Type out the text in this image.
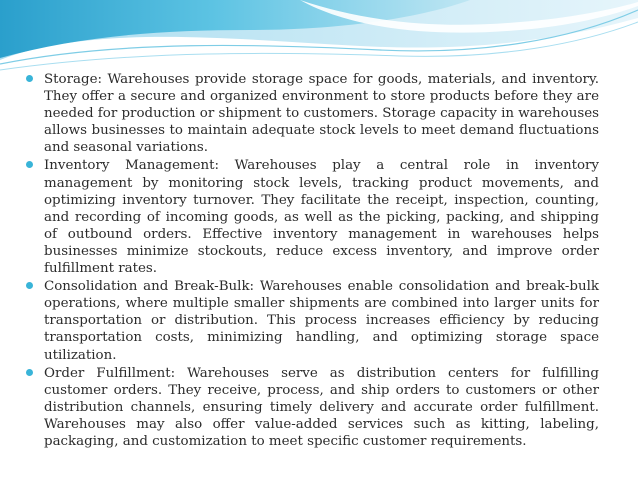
Storage: Warehouses provide storage space for goods, materials, and inventory. They offer a secure and organized environment to store products before they are needed for production or shipment to customers. Storage capacity in warehouses allows businesses to maintain adequate stock levels to meet demand fluctuations and seasonal variations.
Inventory Management: Warehouses play a central role in inventory management by monitoring stock levels, tracking product movements, and optimizing inventory turnover. They facilitate the receipt, inspection, counting, and recording of incoming goods, as well as the picking, packing, and shipping of outbound orders. Effective inventory management in warehouses helps businesses minimize stockouts, reduce excess inventory, and improve order fulfillment rates.
Consolidation and Break-Bulk: Warehouses enable consolidation and break-bulk operations, where multiple smaller shipments are combined into larger units for transportation or distribution. This process increases efficiency by reducing transportation costs, minimizing handling, and optimizing storage space utilization.
Order Fulfillment: Warehouses serve as distribution centers for fulfilling customer orders. They receive, process, and ship orders to customers or other distribution channels, ensuring timely delivery and accurate order fulfillment. Warehouses may also offer value-added services such as kitting, labeling, packaging, and customization to meet specific customer requirements.
